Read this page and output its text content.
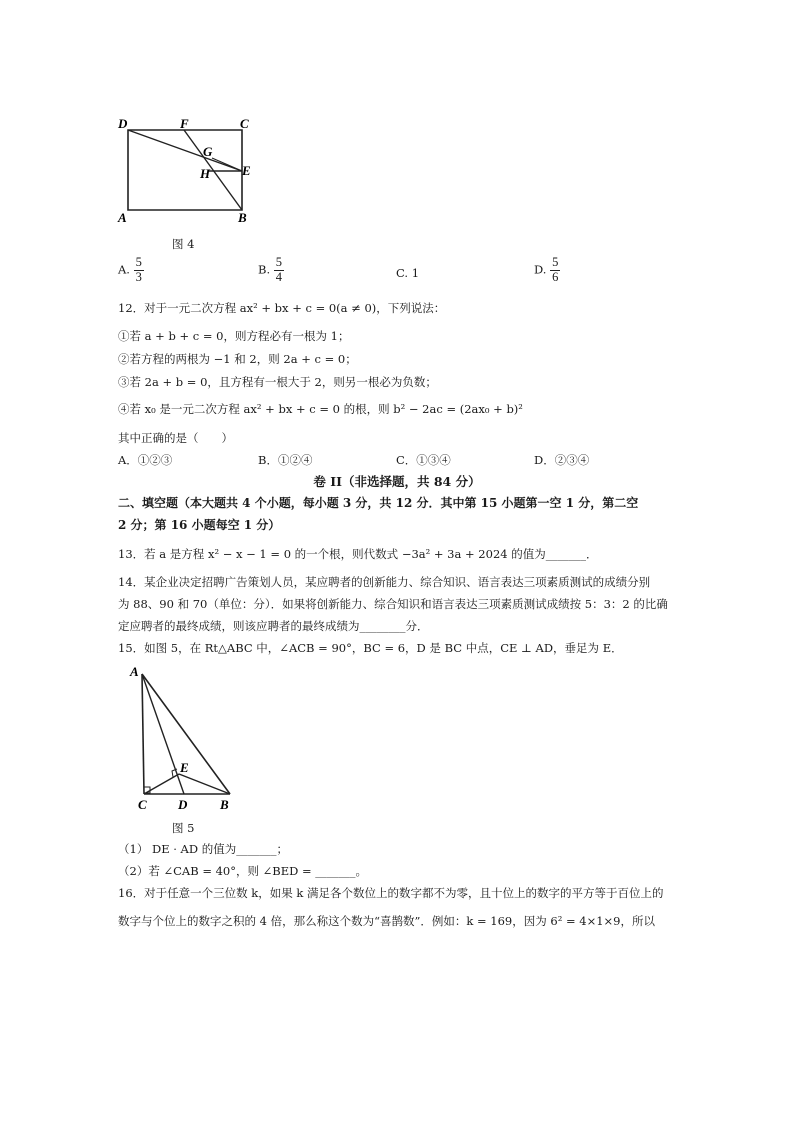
D	F	C
G
E
H
A	B
图 4
A. $\frac{5}{3}$	B. $\frac{5}{4}$	C. 1	D. $\frac{5}{6}$
12．对于一元二次方程 ax² + bx + c = 0(a ≠ 0)，下列说法：
①若 a + b + c = 0，则方程必有一根为 1；
②若方程的两根为 −1 和 2，则 2a + c = 0；
③若 2a + b = 0，且方程有一根大于 2，则另一根必为负数；
④若 x₀ 是一元二次方程 ax² + bx + c = 0 的根，则 b² − 2ac = (2ax₀ + b)²
其中正确的是（　　）
A．①②③	B．①②④	C．①③④	D．②③④
卷 II（非选择题，共 84 分）
二、填空题（本大题共 4 个小题，每小题 3 分，共 12 分．其中第 15 小题第一空 1 分，第二空
2 分；第 16 小题每空 1 分）
13．若 a 是方程 x² − x − 1 = 0 的一个根，则代数式 −3a² + 3a + 2024 的值为_______．
14．某企业决定招聘广告策划人员，某应聘者的创新能力、综合知识、语言表达三项素质测试的成绩分别
为 88、90 和 70（单位：分）．如果将创新能力、综合知识和语言表达三项素质测试成绩按 5：3：2 的比确
定应聘者的最终成绩，则该应聘者的最终成绩为________分．
15．如图 5，在 Rt△ABC 中，∠ACB = 90°，BC = 6，D 是 BC 中点，CE ⊥ AD，垂足为 E．
A
E
C D	B
图 5
（1） DE · AD 的值为_______；
（2）若 ∠CAB = 40°，则 ∠BED = _______。
16．对于任意一个三位数 k，如果 k 满足各个数位上的数字都不为零，且十位上的数字的平方等于百位上的
数字与个位上的数字之积的 4 倍，那么称这个数为“喜鹊数”．例如：k = 169，因为 6² = 4×1×9，所以
